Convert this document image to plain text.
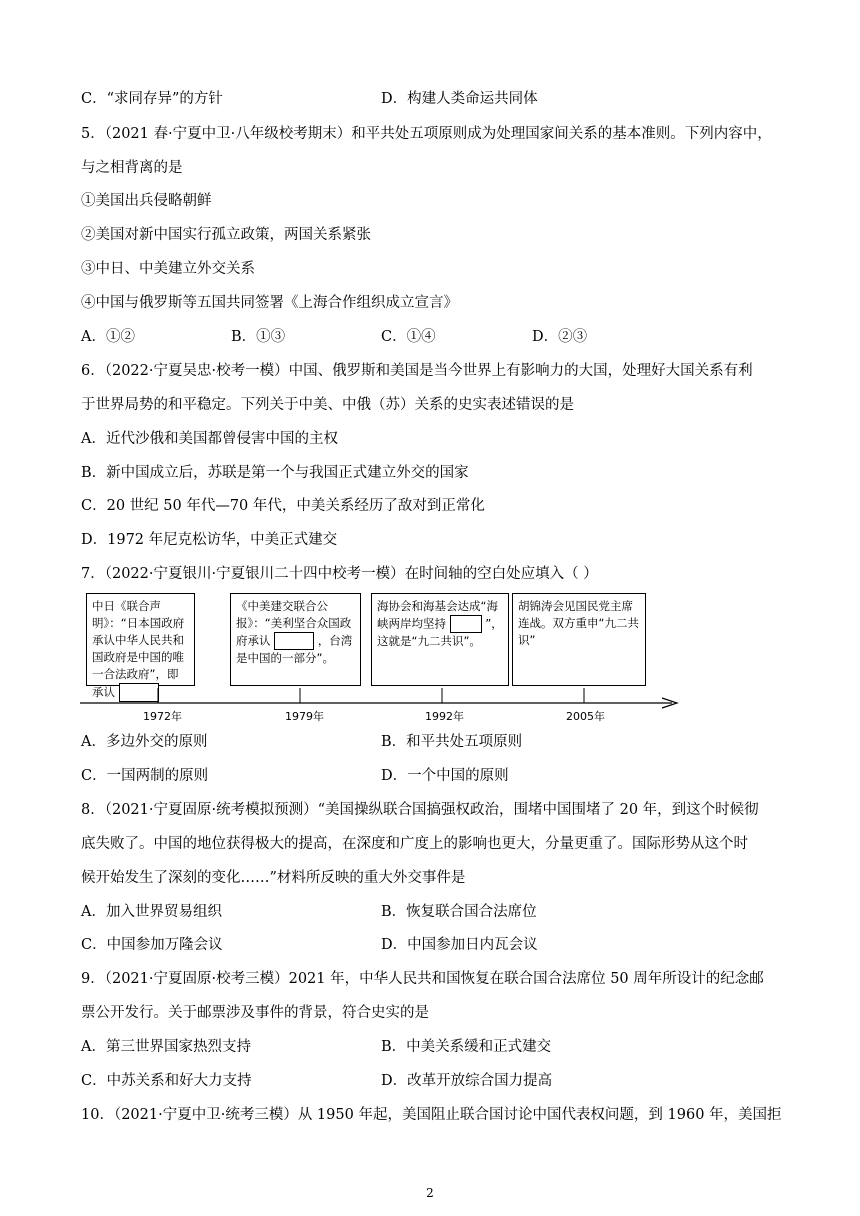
C．“求同存异”的方针	D．构建人类命运共同体
5．（2021 春·宁夏中卫·八年级校考期末）和平共处五项原则成为处理国家间关系的基本准则。下列内容中，
与之相背离的是
①美国出兵侵略朝鲜
②美国对新中国实行孤立政策，两国关系紧张
③中日、中美建立外交关系
④中国与俄罗斯等五国共同签署《上海合作组织成立宣言》
A．①②	B．①③	C．①④	D．②③
6．（2022·宁夏吴忠·校考一模）中国、俄罗斯和美国是当今世界上有影响力的大国，处理好大国关系有利
于世界局势的和平稳定。下列关于中美、中俄（苏）关系的史实表述错误的是
A．近代沙俄和美国都曾侵害中国的主权
B．新中国成立后，苏联是第一个与我国正式建立外交的国家
C．20 世纪 50 年代—70 年代，中美关系经历了敌对到正常化
D．1972 年尼克松访华，中美正式建交
7．（2022·宁夏银川·宁夏银川二十四中校考一模）在时间轴的空白处应填入（ ）
中日《联合声明》：“日本国政府承认中华人民共和国政府是中国的唯一合法政府”，即承认
《中美建交联合公报》：“美利坚合众国政府承认	，台湾是中国的一部分”。
海协会和海基会达成“海峡两岸均坚持	”，这就是“九二共识”。
胡锦涛会见国民党主席连战。双方重申“九二共识”
1972年	1979年	1992年	2005年
A．多边外交的原则	B．和平共处五项原则
C．一国两制的原则	D．一个中国的原则
8．（2021·宁夏固原·统考模拟预测）“美国操纵联合国搞强权政治，围堵中国围堵了 20 年，到这个时候彻
底失败了。中国的地位获得极大的提高，在深度和广度上的影响也更大，分量更重了。国际形势从这个时
候开始发生了深刻的变化……”材料所反映的重大外交事件是
A．加入世界贸易组织	B．恢复联合国合法席位
C．中国参加万隆会议	D．中国参加日内瓦会议
9．（2021·宁夏固原·校考三模）2021 年，中华人民共和国恢复在联合国合法席位 50 周年所设计的纪念邮
票公开发行。关于邮票涉及事件的背景，符合史实的是
A．第三世界国家热烈支持	B．中美关系缓和正式建交
C．中苏关系和好大力支持	D．改革开放综合国力提高
10．（2021·宁夏中卫·统考三模）从 1950 年起，美国阻止联合国讨论中国代表权问题，到 1960 年，美国拒
2
